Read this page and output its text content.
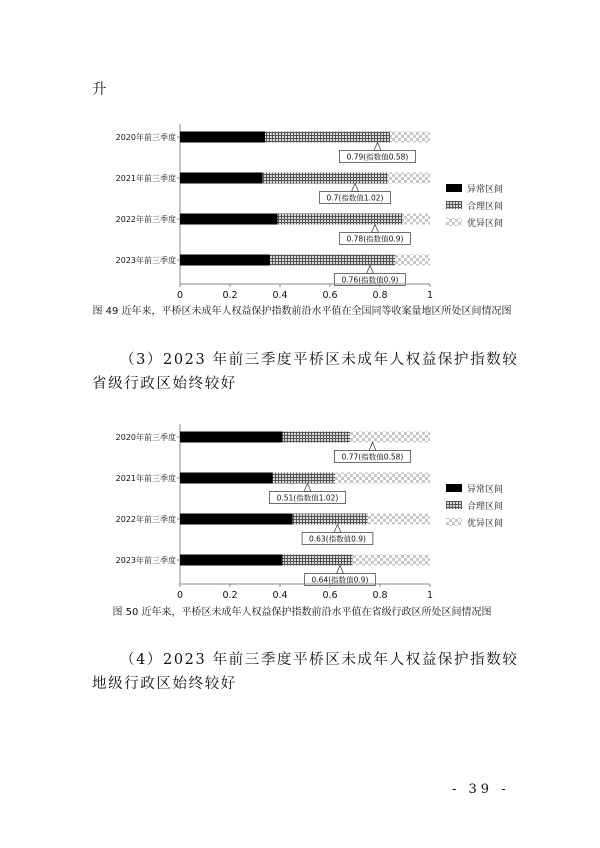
升
2020年前三季度
0.79(指数值0.58)
2021年前三季度
0.7(指数值1.02)
2022年前三季度
0.78(指数值0.9)
2023年前三季度
0.76(指数值0.9)
0	0.2	0.4	0.6	0.8	1
异常区间
合理区间
优异区间
图 49 近年来，平桥区未成年人权益保护指数前沿水平值在全国同等收案量地区所处区间情况图
（3）2023 年前三季度平桥区未成年人权益保护指数较省级行政区始终较好
2020年前三季度
0.77(指数值0.58)
2021年前三季度
0.51(指数值1.02)
2022年前三季度
0.63(指数值0.9)
2023年前三季度
0.64(指数值0.9)
0	0.2	0.4	0.6	0.8	1
异常区间
合理区间
优异区间
图 50 近年来，平桥区未成年人权益保护指数前沿水平值在省级行政区所处区间情况图
（4）2023 年前三季度平桥区未成年人权益保护指数较地级行政区始终较好
- 39 -
